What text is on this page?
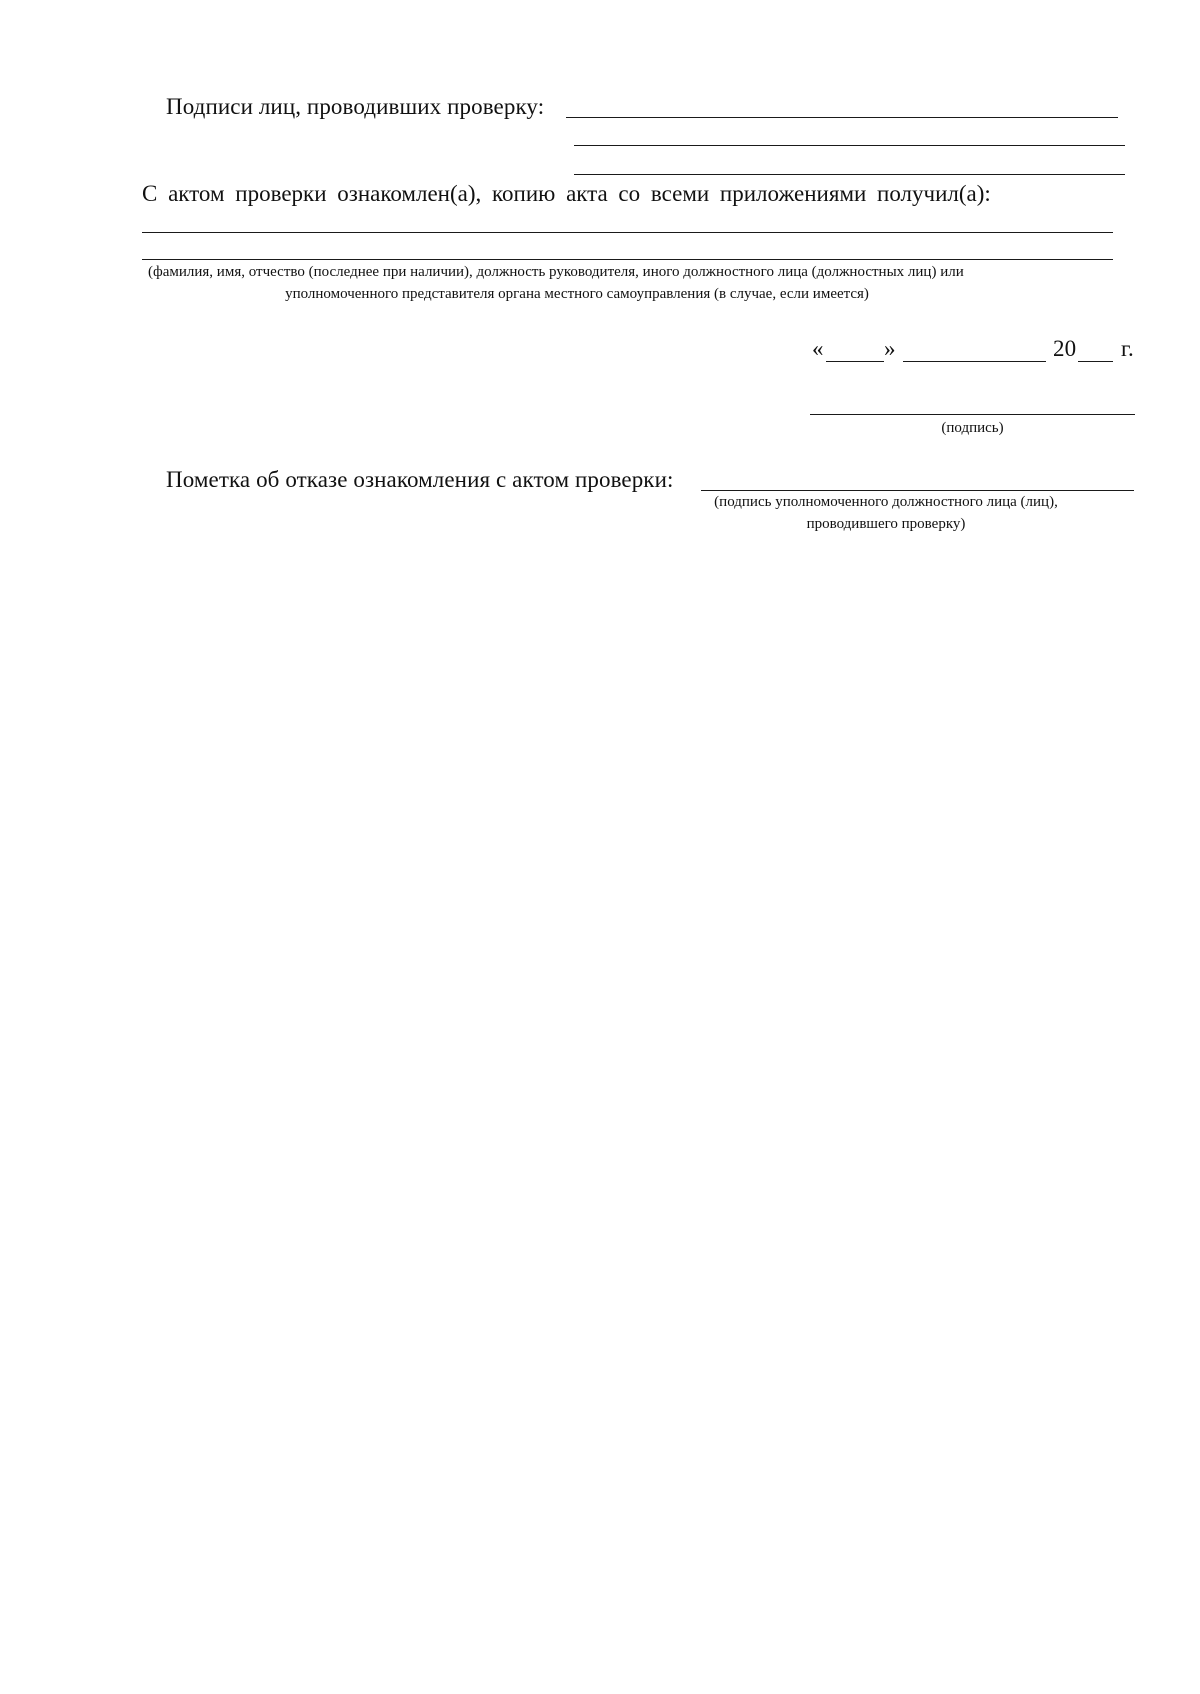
Подписи лиц, проводивших проверку:
С актом проверки ознакомлен(а), копию акта со всеми приложениями получил(а):
(фамилия, имя, отчество (последнее при наличии), должность руководителя, иного должностного лица (должностных лиц) или
уполномоченного представителя органа местного самоуправления (в случае, если имеется)
«	»	20 г.
(подпись)
Пометка об отказе ознакомления с актом проверки:
(подпись уполномоченного должностного лица (лиц),
проводившего проверку)
